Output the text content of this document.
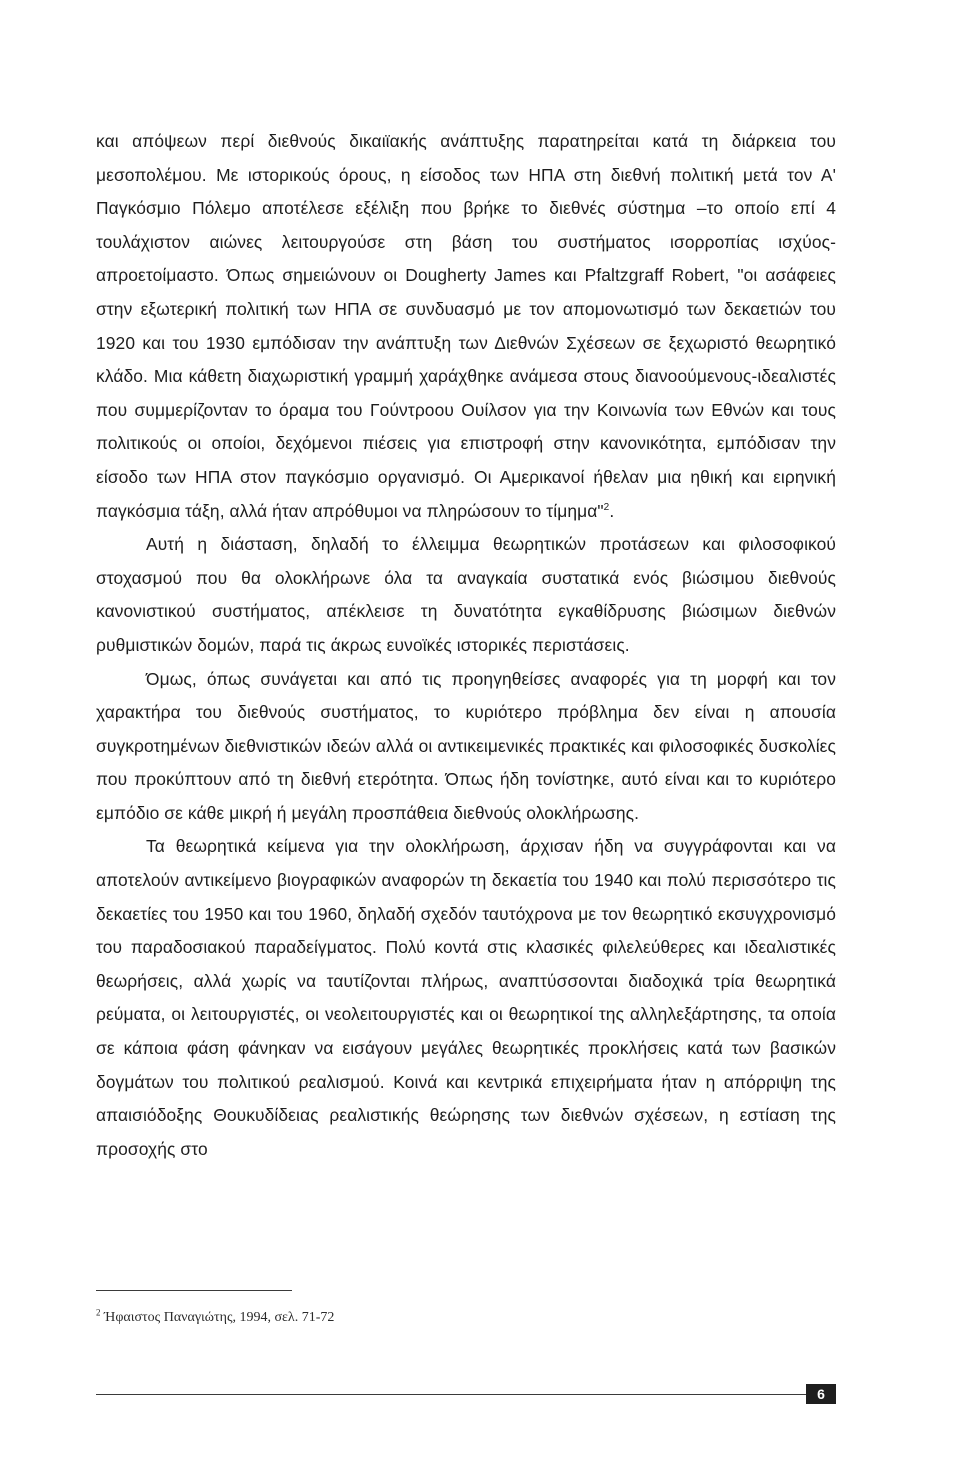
και απόψεων περί διεθνούς δικαιϊακής ανάπτυξης παρατηρείται κατά τη διάρκεια του μεσοπολέμου. Με ιστορικούς όρους, η είσοδος των ΗΠΑ στη διεθνή πολιτική μετά τον Α' Παγκόσμιο Πόλεμο αποτέλεσε εξέλιξη που βρήκε το διεθνές σύστημα –το οποίο επί 4 τουλάχιστον αιώνες λειτουργούσε στη βάση του συστήματος ισορροπίας ισχύος- απροετοίμαστο. Όπως σημειώνουν οι Dougherty James και Pfaltzgraff Robert, "οι ασάφειες στην εξωτερική πολιτική των ΗΠΑ σε συνδυασμό με τον απομονωτισμό των δεκαετιών του 1920 και του 1930 εμπόδισαν την ανάπτυξη των Διεθνών Σχέσεων σε ξεχωριστό θεωρητικό κλάδο. Μια κάθετη διαχωριστική γραμμή χαράχθηκε ανάμεσα στους διανοούμενους-ιδεαλιστές που συμμερίζονταν το όραμα του Γούντροου Ουίλσον για την Κοινωνία των Εθνών και τους πολιτικούς οι οποίοι, δεχόμενοι πιέσεις για επιστροφή στην κανονικότητα, εμπόδισαν την είσοδο των ΗΠΑ στον παγκόσμιο οργανισμό. Οι Αμερικανοί ήθελαν μια ηθική και ειρηνική παγκόσμια τάξη, αλλά ήταν απρόθυμοι να πληρώσουν το τίμημα"$^2$.

Αυτή η διάσταση, δηλαδή το έλλειμμα θεωρητικών προτάσεων και φιλοσοφικού στοχασμού που θα ολοκλήρωνε όλα τα αναγκαία συστατικά ενός βιώσιμου διεθνούς κανονιστικού συστήματος, απέκλεισε τη δυνατότητα εγκαθίδρυσης βιώσιμων διεθνών ρυθμιστικών δομών, παρά τις άκρως ευνοϊκές ιστορικές περιστάσεις.

Όμως, όπως συνάγεται και από τις προηγηθείσες αναφορές για τη μορφή και τον χαρακτήρα του διεθνούς συστήματος, το κυριότερο πρόβλημα δεν είναι η απουσία συγκροτημένων διεθνιστικών ιδεών αλλά οι αντικειμενικές πρακτικές και φιλοσοφικές δυσκολίες που προκύπτουν από τη διεθνή ετερότητα. Όπως ήδη τονίστηκε, αυτό είναι και το κυριότερο εμπόδιο σε κάθε μικρή ή μεγάλη προσπάθεια διεθνούς ολοκλήρωσης.

Τα θεωρητικά κείμενα για την ολοκλήρωση, άρχισαν ήδη να συγγράφονται και να αποτελούν αντικείμενο βιογραφικών αναφορών τη δεκαετία του 1940 και πολύ περισσότερο τις δεκαετίες του 1950 και του 1960, δηλαδή σχεδόν ταυτόχρονα με τον θεωρητικό εκσυγχρονισμό του παραδοσιακού παραδείγματος. Πολύ κοντά στις κλασικές φιλελεύθερες και ιδεαλιστικές θεωρήσεις, αλλά χωρίς να ταυτίζονται πλήρως, αναπτύσσονται διαδοχικά τρία θεωρητικά ρεύματα, οι λειτουργιστές, οι νεολειτουργιστές και οι θεωρητικοί της αλληλεξάρτησης, τα οποία σε κάποια φάση φάνηκαν να εισάγουν μεγάλες θεωρητικές προκλήσεις κατά των βασικών δογμάτων του πολιτικού ρεαλισμού. Κοινά και κεντρικά επιχειρήματα ήταν η απόρριψη της απαισιόδοξης Θουκυδίδειας ρεαλιστικής θεώρησης των διεθνών σχέσεων, η εστίαση της προσοχής στο

$^2$ Ήφαιστος Παναγιώτης, 1994, σελ. 71-72
6
